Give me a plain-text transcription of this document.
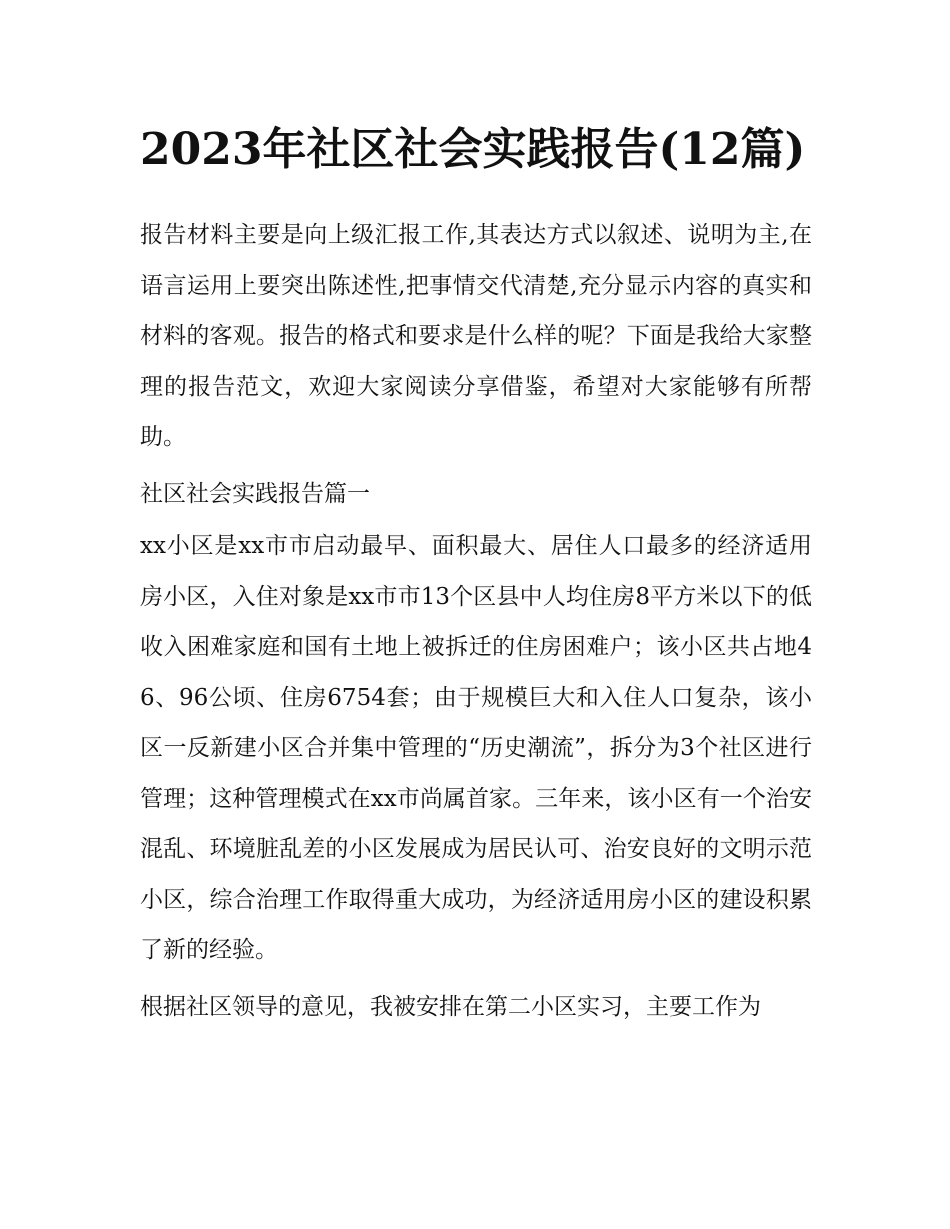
2023年社区社会实践报告(12篇)

报告材料主要是向上级汇报工作,其表达方式以叙述、说明为主,在语言运用上要突出陈述性,把事情交代清楚,充分显示内容的真实和材料的客观。报告的格式和要求是什么样的呢？下面是我给大家整理的报告范文，欢迎大家阅读分享借鉴，希望对大家能够有所帮助。

社区社会实践报告篇一

xx小区是xx市市启动最早、面积最大、居住人口最多的经济适用房小区，入住对象是xx市市13个区县中人均住房8平方米以下的低收入困难家庭和国有土地上被拆迁的住房困难户；该小区共占地46、96公顷、住房6754套；由于规模巨大和入住人口复杂，该小区一反新建小区合并集中管理的“历史潮流”，拆分为3个社区进行管理；这种管理模式在xx市尚属首家。三年来，该小区有一个治安混乱、环境脏乱差的小区发展成为居民认可、治安良好的文明示范小区，综合治理工作取得重大成功，为经济适用房小区的建设积累了新的经验。

根据社区领导的意见，我被安排在第二小区实习，主要工作为
